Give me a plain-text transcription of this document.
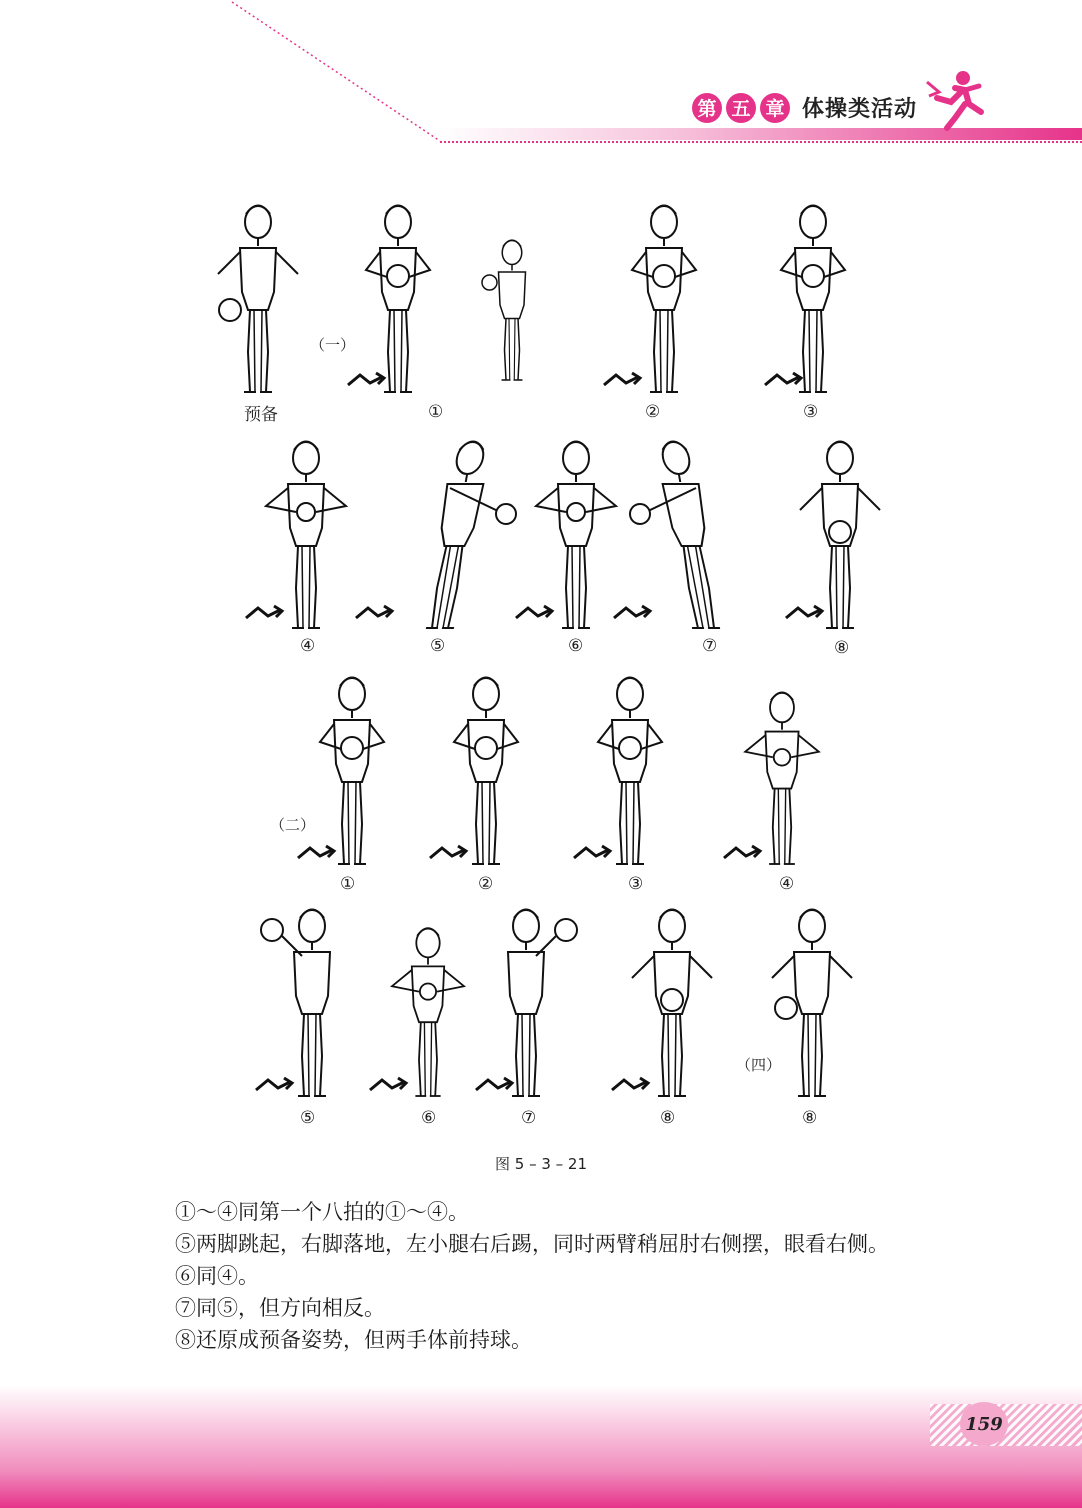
第 五 章 体操类活动
预备	①	②	③
（一）
④	⑤	⑥	⑦	⑧
①	②	③	④
（二）
⑤	⑥	⑦	⑧	⑧
（四）
图 5 – 3 – 21

①～④同第一个八拍的①～④。

⑤两脚跳起，右脚落地，左小腿右后踢，同时两臂稍屈肘右侧摆，眼看右侧。

⑥同④。

⑦同⑤，但方向相反。

⑧还原成预备姿势，但两手体前持球。

159
